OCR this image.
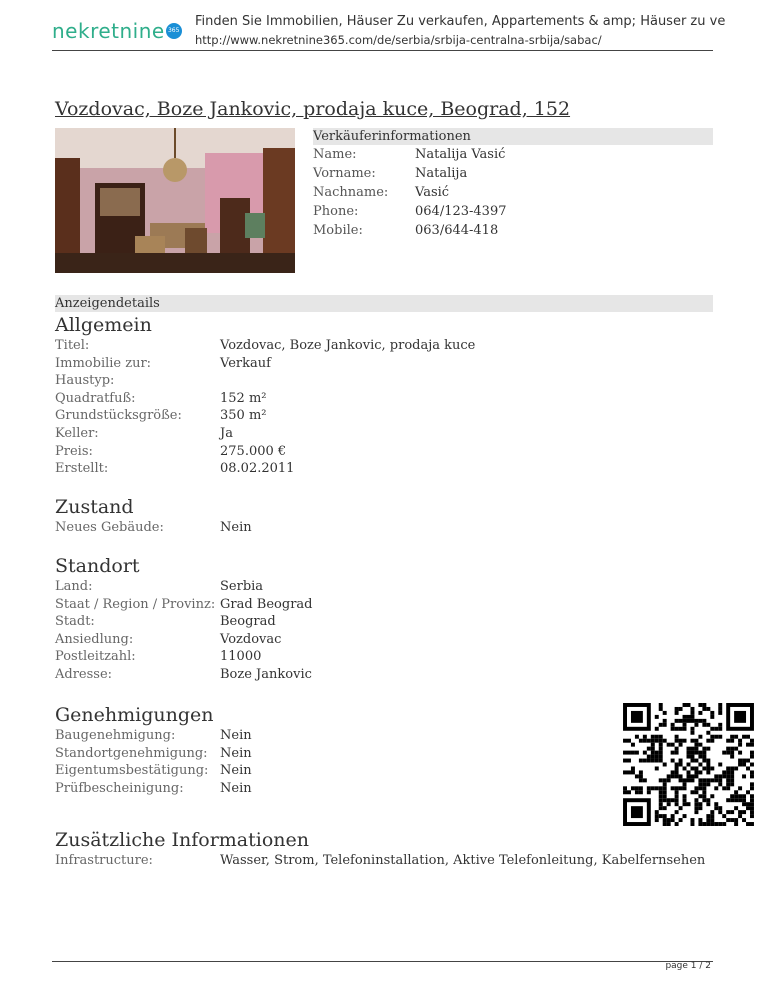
nekretnine 365
Finden Sie Immobilien, Häuser Zu verkaufen, Appartements & amp; Häuser zu ve
http://www.nekretnine365.com/de/serbia/srbija-centralna-srbija/sabac/
Vozdovac, Boze Jankovic, prodaja kuce, Beograd, 152
Verkäuferinformationen
Name:	Natalija Vasić
Vorname:	Natalija
Nachname: Vasić
Phone:	064/123-4397
Mobile:	063/644-418
Anzeigendetails
Allgemein
Titel:	Vozdovac, Boze Jankovic, prodaja kuce
Immobilie zur:	Verkauf
Haustyp:
Quadratfuß:	152 m²
Grundstücksgröße:	350 m²
Keller:	Ja
Preis:	275.000 €
Erstellt:	08.02.2011
Zustand
Neues Gebäude:	Nein
Standort
Land:	Serbia
Staat / Region / Provinz: Grad Beograd
Stadt:	Beograd
Ansiedlung:	Vozdovac
Postleitzahl:	11000
Adresse:	Boze Jankovic
Genehmigungen
Baugenehmigung:	Nein
Standortgenehmigung: Nein
Eigentumsbestätigung: Nein
Prüfbescheinigung:	Nein
Zusätzliche Informationen
Infrastructure:	Wasser, Strom, Telefoninstallation, Aktive Telefonleitung, Kabelfernsehen
page 1 / 2
